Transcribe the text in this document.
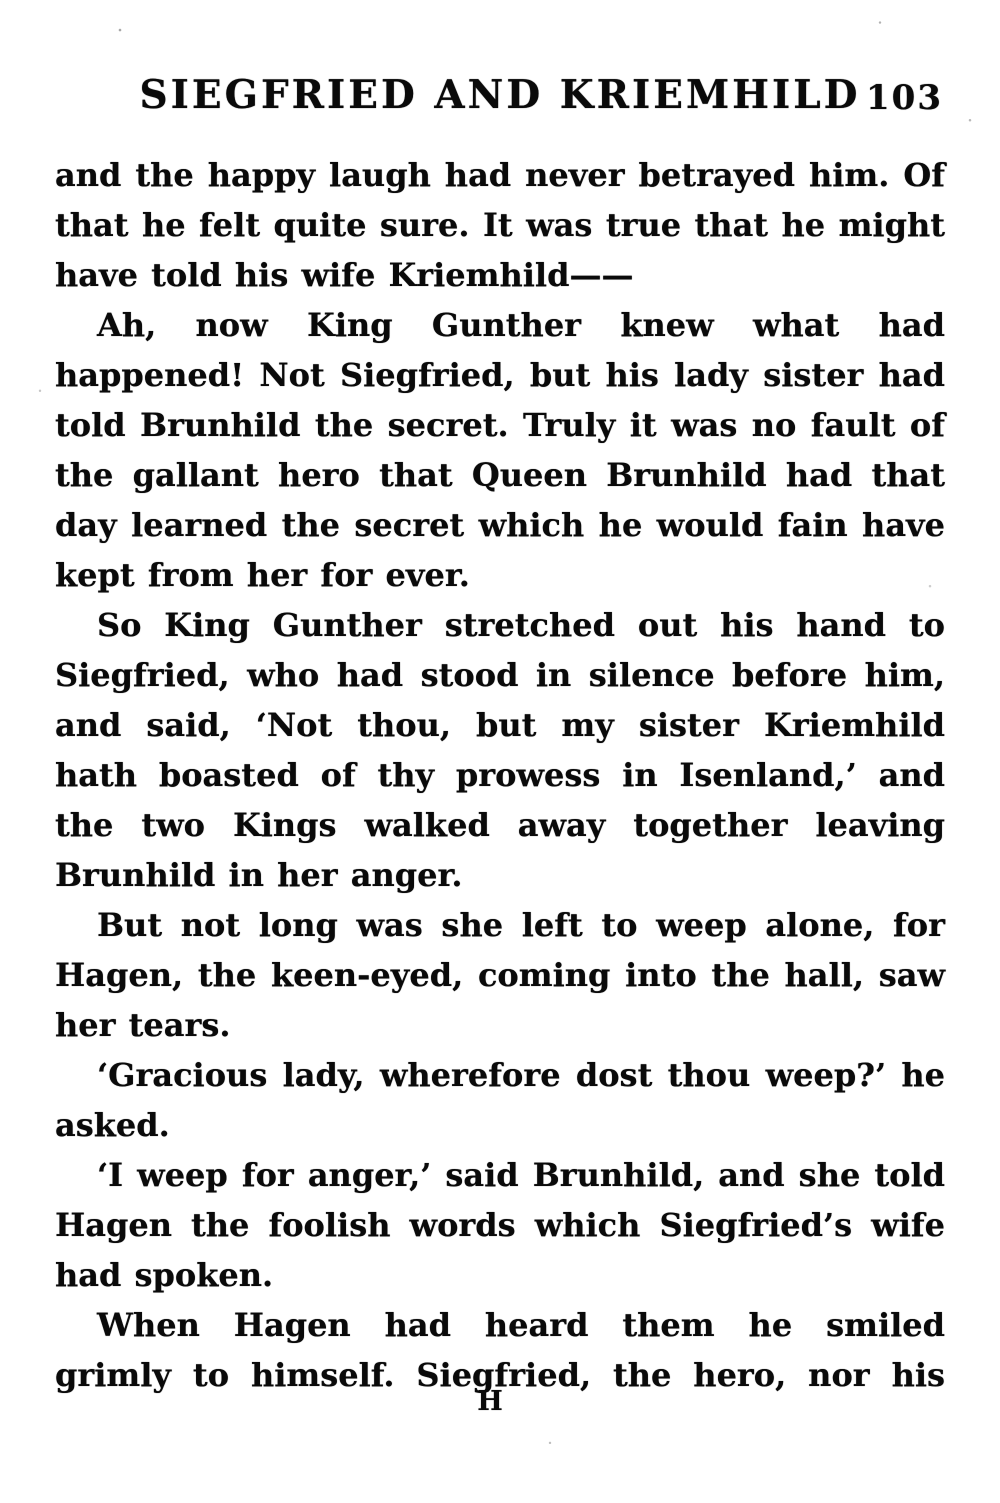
SIEGFRIED AND KRIEMHILD 103

and the happy laugh had never betrayed him. Of that he felt quite sure. It was true that he might have told his wife Kriemhild——

Ah, now King Gunther knew what had happened! Not Siegfried, but his lady sister had told Brunhild the secret. Truly it was no fault of the gallant hero that Queen Brunhild had that day learned the secret which he would fain have kept from her for ever.

So King Gunther stretched out his hand to Siegfried, who had stood in silence before him, and said, ‘Not thou, but my sister Kriemhild hath boasted of thy prowess in Isenland,’ and the two Kings walked away together leaving Brunhild in her anger.

But not long was she left to weep alone, for Hagen, the keen-eyed, coming into the hall, saw her tears.

‘Gracious lady, wherefore dost thou weep?’ he asked.

‘I weep for anger,’ said Brunhild, and she told Hagen the foolish words which Siegfried’s wife had spoken.

When Hagen had heard them he smiled grimly to himself. Siegfried, the hero, nor his

H
